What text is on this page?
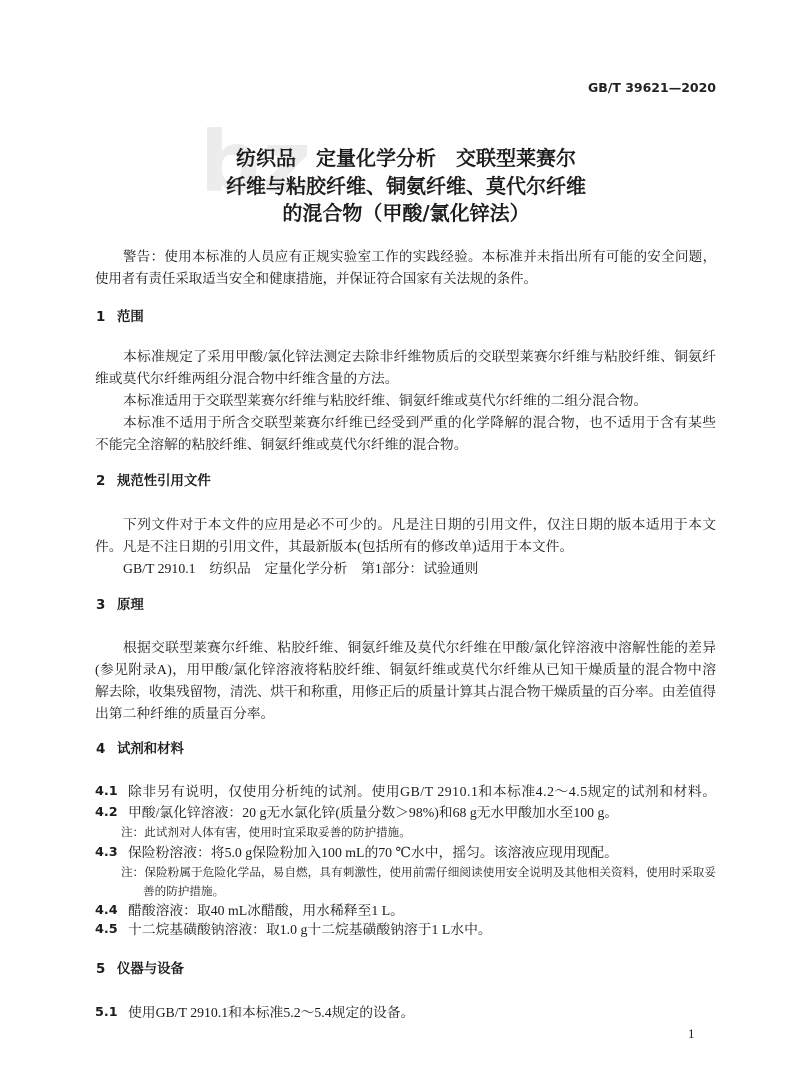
bz
GB/T 39621—2020
纺织品　定量化学分析　交联型莱赛尔
纤维与粘胶纤维、铜氨纤维、莫代尔纤维
的混合物（甲酸/氯化锌法）
警告：使用本标准的人员应有正规实验室工作的实践经验。本标准并未指出所有可能的安全问题，
使用者有责任采取适当安全和健康措施，并保证符合国家有关法规的条件。
1 范围
本标准规定了采用甲酸/氯化锌法测定去除非纤维物质后的交联型莱赛尔纤维与粘胶纤维、铜氨纤
维或莫代尔纤维两组分混合物中纤维含量的方法。
本标准适用于交联型莱赛尔纤维与粘胶纤维、铜氨纤维或莫代尔纤维的二组分混合物。
本标准不适用于所含交联型莱赛尔纤维已经受到严重的化学降解的混合物，也不适用于含有某些
不能完全溶解的粘胶纤维、铜氨纤维或莫代尔纤维的混合物。
2 规范性引用文件
下列文件对于本文件的应用是必不可少的。凡是注日期的引用文件，仅注日期的版本适用于本文
件。凡是不注日期的引用文件，其最新版本(包括所有的修改单)适用于本文件。
GB/T 2910.1　纺织品　定量化学分析　第1部分：试验通则
3 原理
根据交联型莱赛尔纤维、粘胶纤维、铜氨纤维及莫代尔纤维在甲酸/氯化锌溶液中溶解性能的差异
(参见附录A)，用甲酸/氯化锌溶液将粘胶纤维、铜氨纤维或莫代尔纤维从已知干燥质量的混合物中溶
解去除，收集残留物，清洗、烘干和称重，用修正后的质量计算其占混合物干燥质量的百分率。由差值得
出第二种纤维的质量百分率。
4 试剂和材料
4.1 除非另有说明，仅使用分析纯的试剂。使用GB/T 2910.1和本标准4.2～4.5规定的试剂和材料。
4.2 甲酸/氯化锌溶液：20 g无水氯化锌(质量分数＞98%)和68 g无水甲酸加水至100 g。
注：此试剂对人体有害，使用时宜采取妥善的防护措施。
4.3 保险粉溶液：将5.0 g保险粉加入100 mL的70 ℃水中，摇匀。该溶液应现用现配。
注：保险粉属于危险化学品，易自燃，具有刺激性，使用前需仔细阅读使用安全说明及其他相关资料，使用时采取妥
善的防护措施。
4.4 醋酸溶液：取40 mL冰醋酸，用水稀释至1 L。
4.5 十二烷基磺酸钠溶液：取1.0 g十二烷基磺酸钠溶于1 L水中。
5 仪器与设备
5.1 使用GB/T 2910.1和本标准5.2～5.4规定的设备。
1
